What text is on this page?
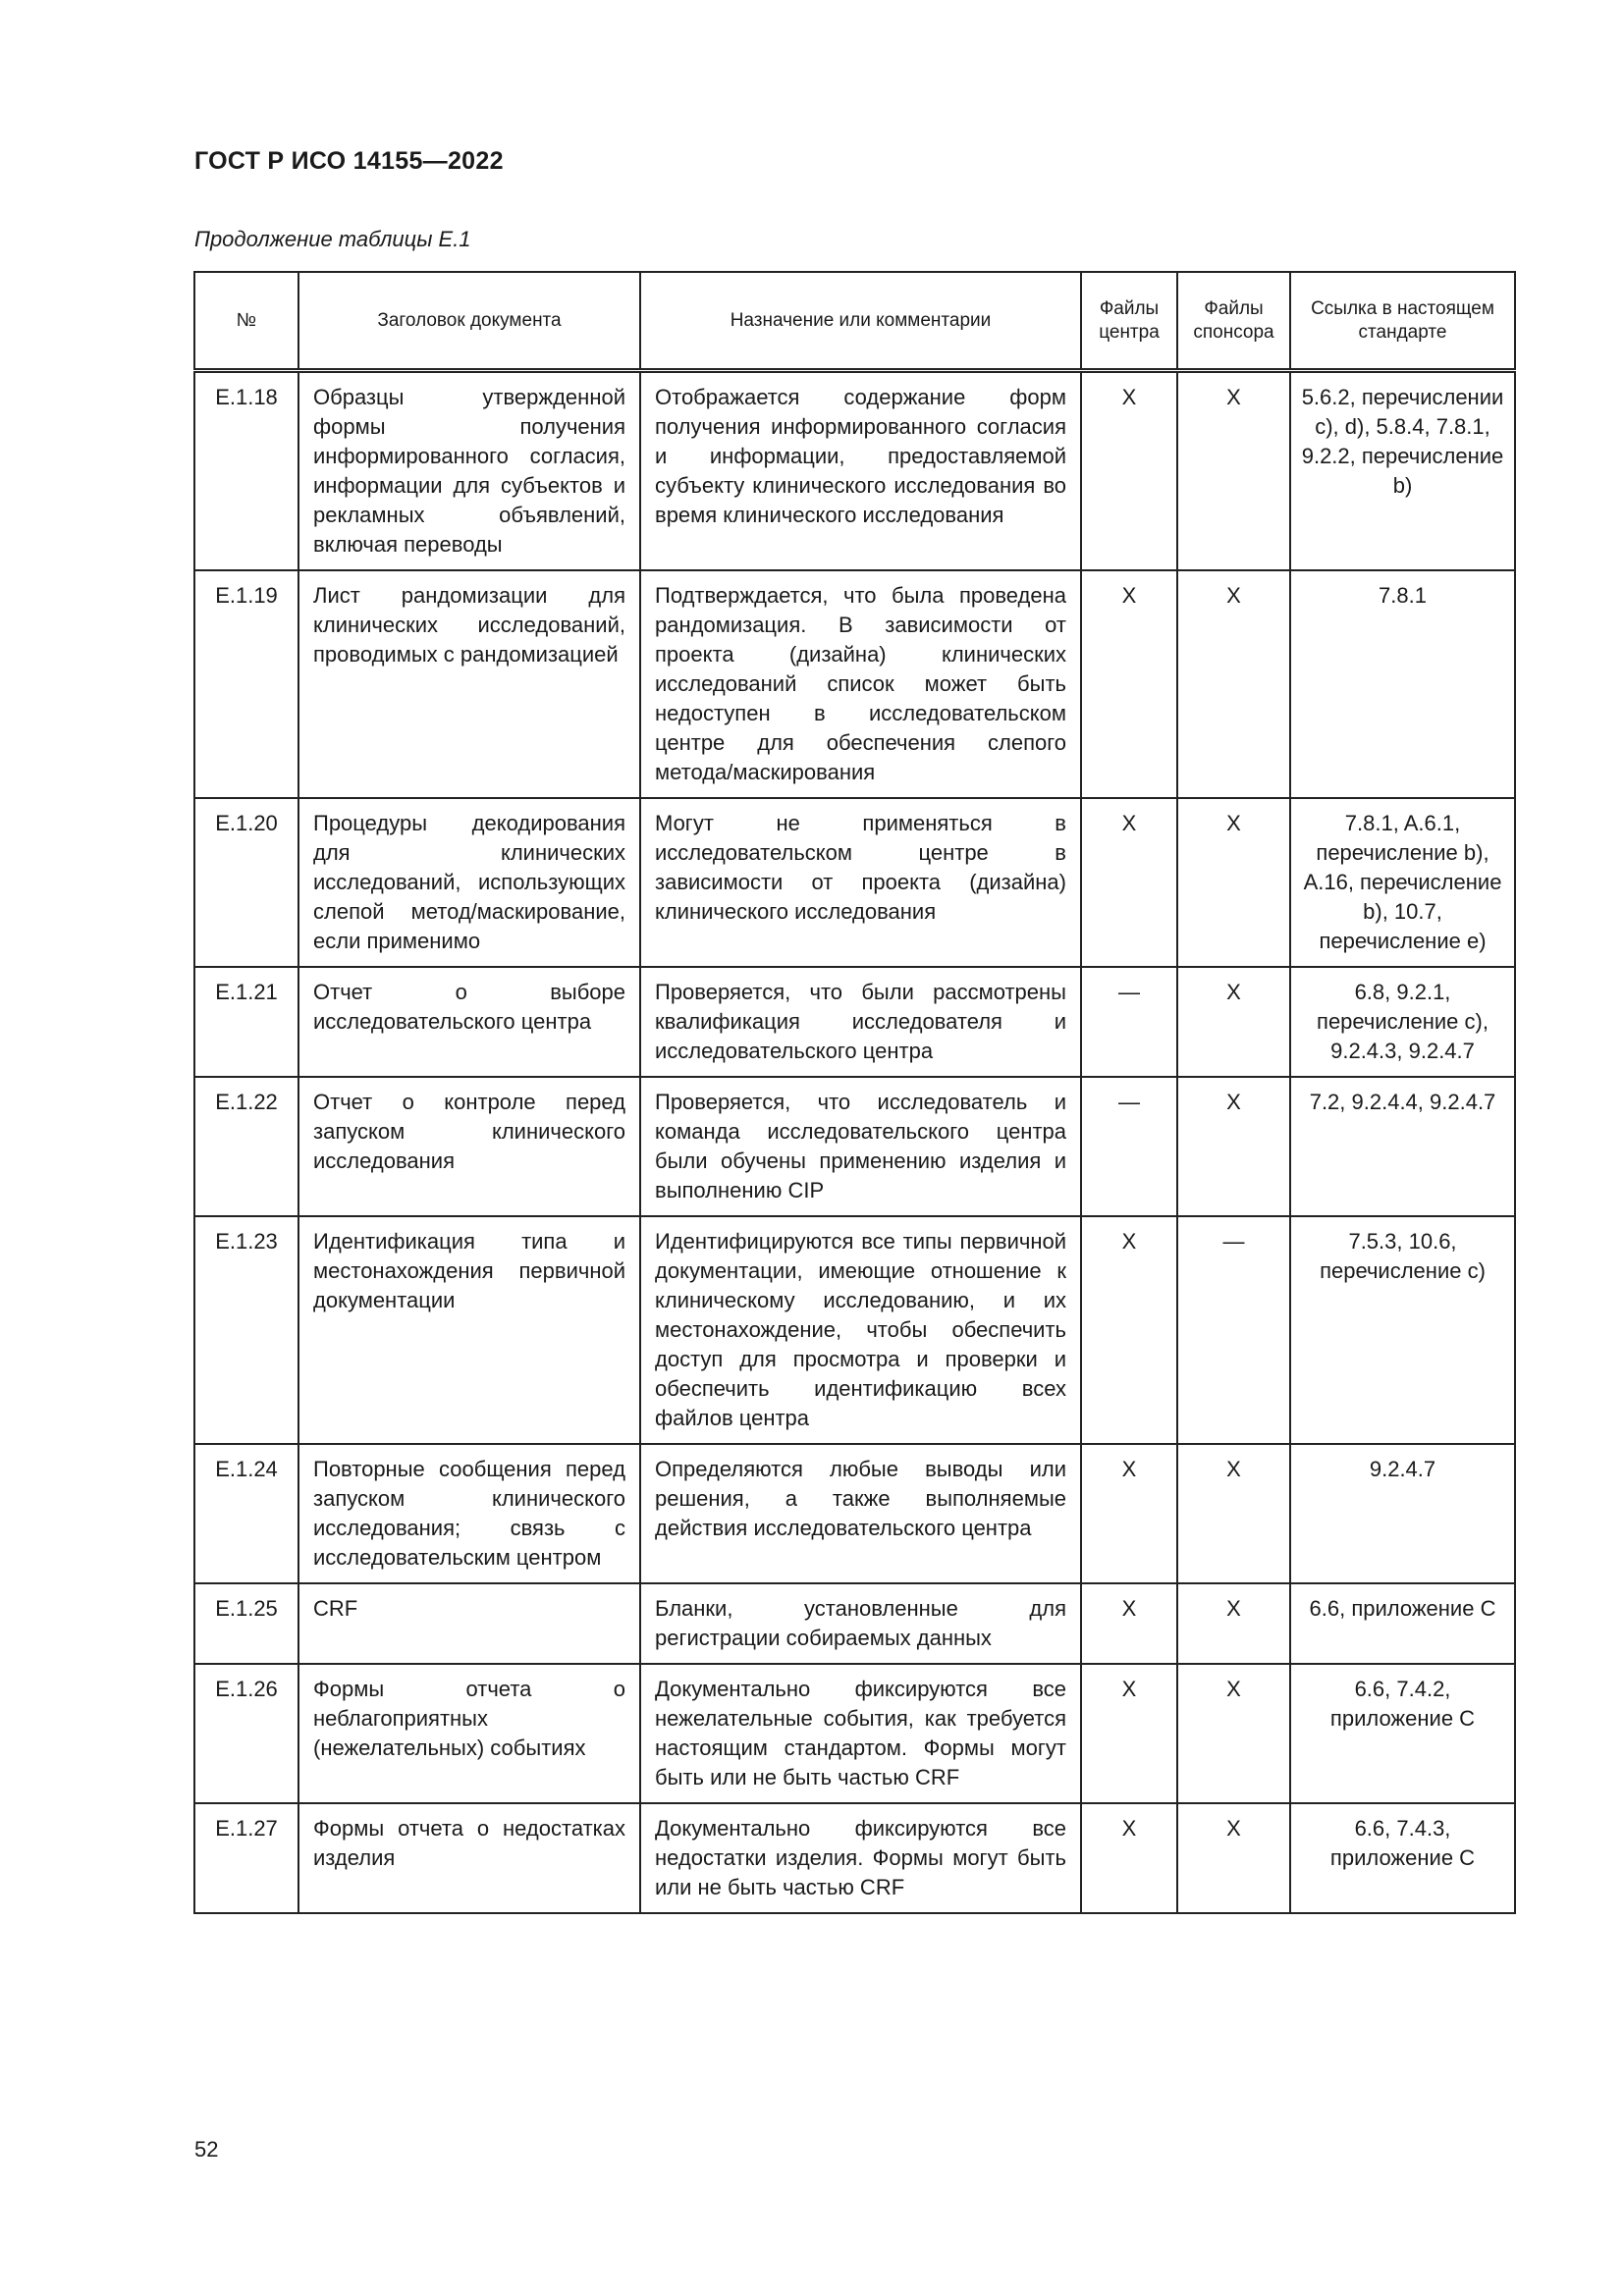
ГОСТ Р ИСО 14155—2022
Продолжение таблицы Е.1
№	Заголовок документа	Назначение или комментарии	Файлы центра	Файлы спонсора	Ссылка в настоящем стандарте
Е.1.18	Образцы утвержденной формы получения информированного согласия, информации для субъектов и рекламных объявлений, включая переводы	Отображается содержание форм получения информированного согласия и информации, предоставляемой субъекту клинического исследования во время клинического исследования	X	X	5.6.2, перечислении c), d), 5.8.4, 7.8.1, 9.2.2, перечисление b)
Е.1.19	Лист рандомизации для клинических исследований, проводимых с рандомизацией	Подтверждается, что была проведена рандомизация. В зависимости от проекта (дизайна) клинических исследований список может быть недоступен в исследовательском центре для обеспечения слепого метода/маскирования	X	X	7.8.1
Е.1.20	Процедуры декодирования для клинических исследований, использующих слепой метод/маскирование, если применимо	Могут не применяться в исследовательском центре в зависимости от проекта (дизайна) клинического исследования	X	X	7.8.1, A.6.1, перечисление b), A.16, перечисление b), 10.7, перечисление e)
Е.1.21	Отчет о выборе исследовательского центра	Проверяется, что были рассмотрены квалификация исследователя и исследовательского центра	—	X	6.8, 9.2.1, перечисление c), 9.2.4.3, 9.2.4.7
Е.1.22	Отчет о контроле перед запуском клинического исследования	Проверяется, что исследователь и команда исследовательского центра были обучены применению изделия и выполнению CIP	—	X	7.2, 9.2.4.4, 9.2.4.7
Е.1.23	Идентификация типа и местонахождения первичной документации	Идентифицируются все типы первичной документации, имеющие отношение к клиническому исследованию, и их местонахождение, чтобы обеспечить доступ для просмотра и проверки и обеспечить идентификацию всех файлов центра	X	—	7.5.3, 10.6, перечисление c)
Е.1.24	Повторные сообщения перед запуском клинического исследования; связь с исследовательским центром	Определяются любые выводы или решения, а также выполняемые действия исследовательского центра	X	X	9.2.4.7
Е.1.25	CRF	Бланки, установленные для регистрации собираемых данных	X	X	6.6, приложение C
Е.1.26	Формы отчета о неблагоприятных (нежелательных) событиях	Документально фиксируются все нежелательные события, как требуется настоящим стандартом. Формы могут быть или не быть частью CRF	X	X	6.6, 7.4.2, приложение C
Е.1.27	Формы отчета о недостатках изделия	Документально фиксируются все недостатки изделия. Формы могут быть или не быть частью CRF	X	X	6.6, 7.4.3, приложение C
52
